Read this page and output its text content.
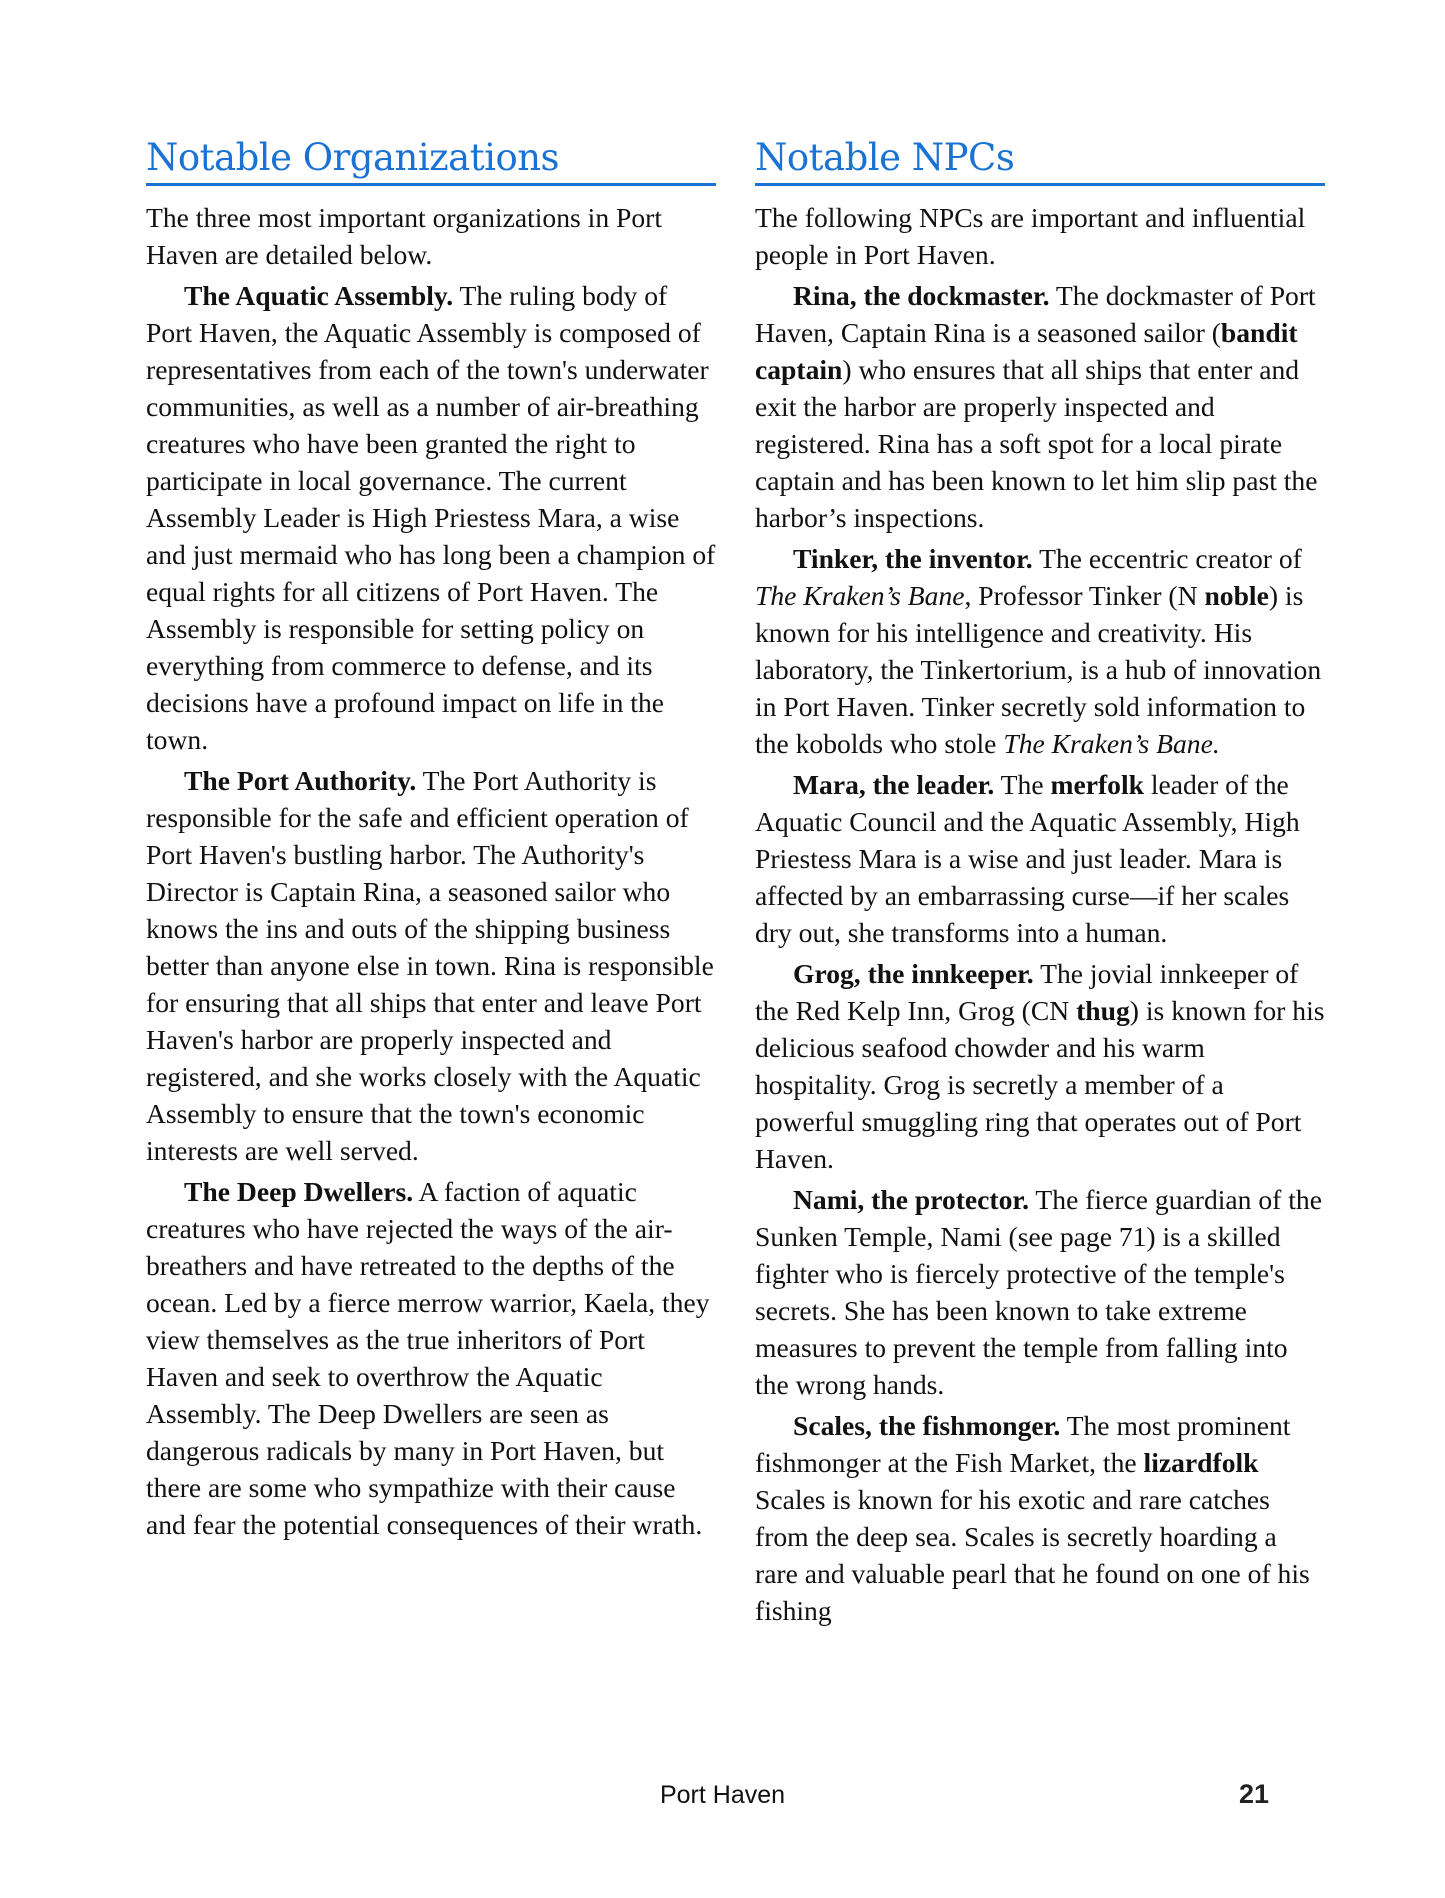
Notable Organizations

The three most important organizations in Port Haven are detailed below.

The Aquatic Assembly. The ruling body of Port Haven, the Aquatic Assembly is composed of representatives from each of the town's underwater communities, as well as a number of air-breathing creatures who have been granted the right to participate in local governance. The current Assembly Leader is High Priestess Mara, a wise and just mermaid who has long been a champion of equal rights for all citizens of Port Haven. The Assembly is responsible for setting policy on everything from commerce to defense, and its decisions have a profound impact on life in the town.

The Port Authority. The Port Authority is responsible for the safe and efficient operation of Port Haven's bustling harbor. The Authority's Director is Captain Rina, a seasoned sailor who knows the ins and outs of the shipping business better than anyone else in town. Rina is responsible for ensuring that all ships that enter and leave Port Haven's harbor are properly inspected and registered, and she works closely with the Aquatic Assembly to ensure that the town's economic interests are well served.

The Deep Dwellers. A faction of aquatic creatures who have rejected the ways of the air-breathers and have retreated to the depths of the ocean. Led by a fierce merrow warrior, Kaela, they view themselves as the true inheritors of Port Haven and seek to overthrow the Aquatic Assembly. The Deep Dwellers are seen as dangerous radicals by many in Port Haven, but there are some who sympathize with their cause and fear the potential consequences of their wrath.

Notable NPCs

The following NPCs are important and influential people in Port Haven.

Rina, the dockmaster. The dockmaster of Port Haven, Captain Rina is a seasoned sailor (bandit captain) who ensures that all ships that enter and exit the harbor are properly inspected and registered. Rina has a soft spot for a local pirate captain and has been known to let him slip past the harbor’s inspections.

Tinker, the inventor. The eccentric creator of The Kraken’s Bane, Professor Tinker (N noble) is known for his intelligence and creativity. His laboratory, the Tinkertorium, is a hub of innovation in Port Haven. Tinker secretly sold information to the kobolds who stole The Kraken’s Bane.

Mara, the leader. The merfolk leader of the Aquatic Council and the Aquatic Assembly, High Priestess Mara is a wise and just leader. Mara is affected by an embarrassing curse—if her scales dry out, she transforms into a human.

Grog, the innkeeper. The jovial innkeeper of the Red Kelp Inn, Grog (CN thug) is known for his delicious seafood chowder and his warm hospitality. Grog is secretly a member of a powerful smuggling ring that operates out of Port Haven.

Nami, the protector. The fierce guardian of the Sunken Temple, Nami (see page 71) is a skilled fighter who is fiercely protective of the temple's secrets. She has been known to take extreme measures to prevent the temple from falling into the wrong hands.

Scales, the fishmonger. The most prominent fishmonger at the Fish Market, the lizardfolk Scales is known for his exotic and rare catches from the deep sea. Scales is secretly hoarding a rare and valuable pearl that he found on one of his fishing

Port Haven	21
